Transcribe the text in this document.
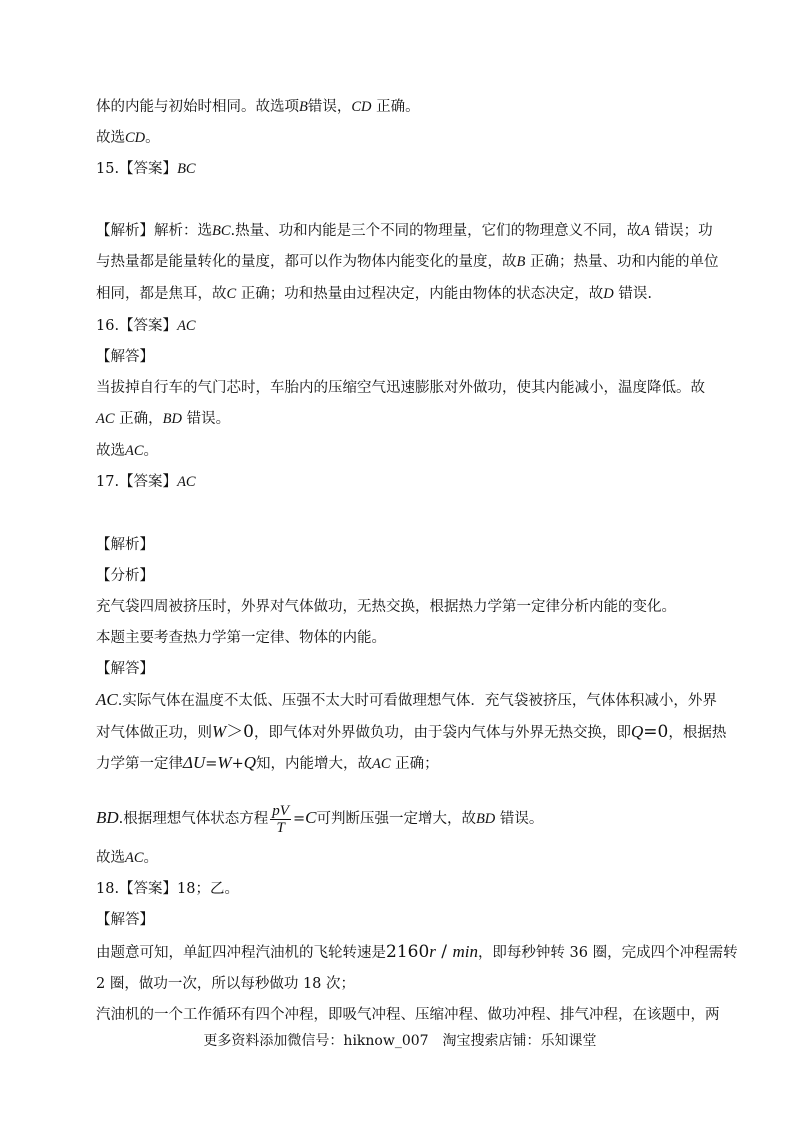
体的内能与初始时相同。故选项B错误，CD 正确。
故选CD。
15.【答案】BC
【解析】解析：选BC.热量、功和内能是三个不同的物理量，它们的物理意义不同，故A 错误；功
与热量都是能量转化的量度，都可以作为物体内能变化的量度，故B 正确；热量、功和内能的单位
相同，都是焦耳，故C 正确；功和热量由过程决定，内能由物体的状态决定，故D 错误.
16.【答案】AC
【解答】
当拔掉自行车的气门芯时，车胎内的压缩空气迅速膨胀对外做功，使其内能减小，温度降低。故
AC 正确，BD 错误。
故选AC。
17.【答案】AC
【解析】
【分析】
充气袋四周被挤压时，外界对气体做功，无热交换，根据热力学第一定律分析内能的变化。
本题主要考查热力学第一定律、物体的内能。
【解答】
AC.实际气体在温度不太低、压强不太大时可看做理想气体．充气袋被挤压，气体体积减小，外界
对气体做正功，则W＞0，即气体对外界做负功，由于袋内气体与外界无热交换，即Q=0，根据热
力学第一定律ΔU=W+Q知，内能增大，故AC 正确；
BD.根据理想气体状态方程 $\frac{pV}{T} =C$可判断压强一定增大，故BD 错误。
故选AC。
18.【答案】18；乙。
【解答】
由题意可知，单缸四冲程汽油机的飞轮转速是2160r / min，即每秒钟转 36 圈，完成四个冲程需转
2 圈，做功一次，所以每秒做功 18 次；
汽油机的一个工作循环有四个冲程，即吸气冲程、压缩冲程、做功冲程、排气冲程，在该题中，两
更多资料添加微信号：hiknow_007　淘宝搜索店铺：乐知课堂
